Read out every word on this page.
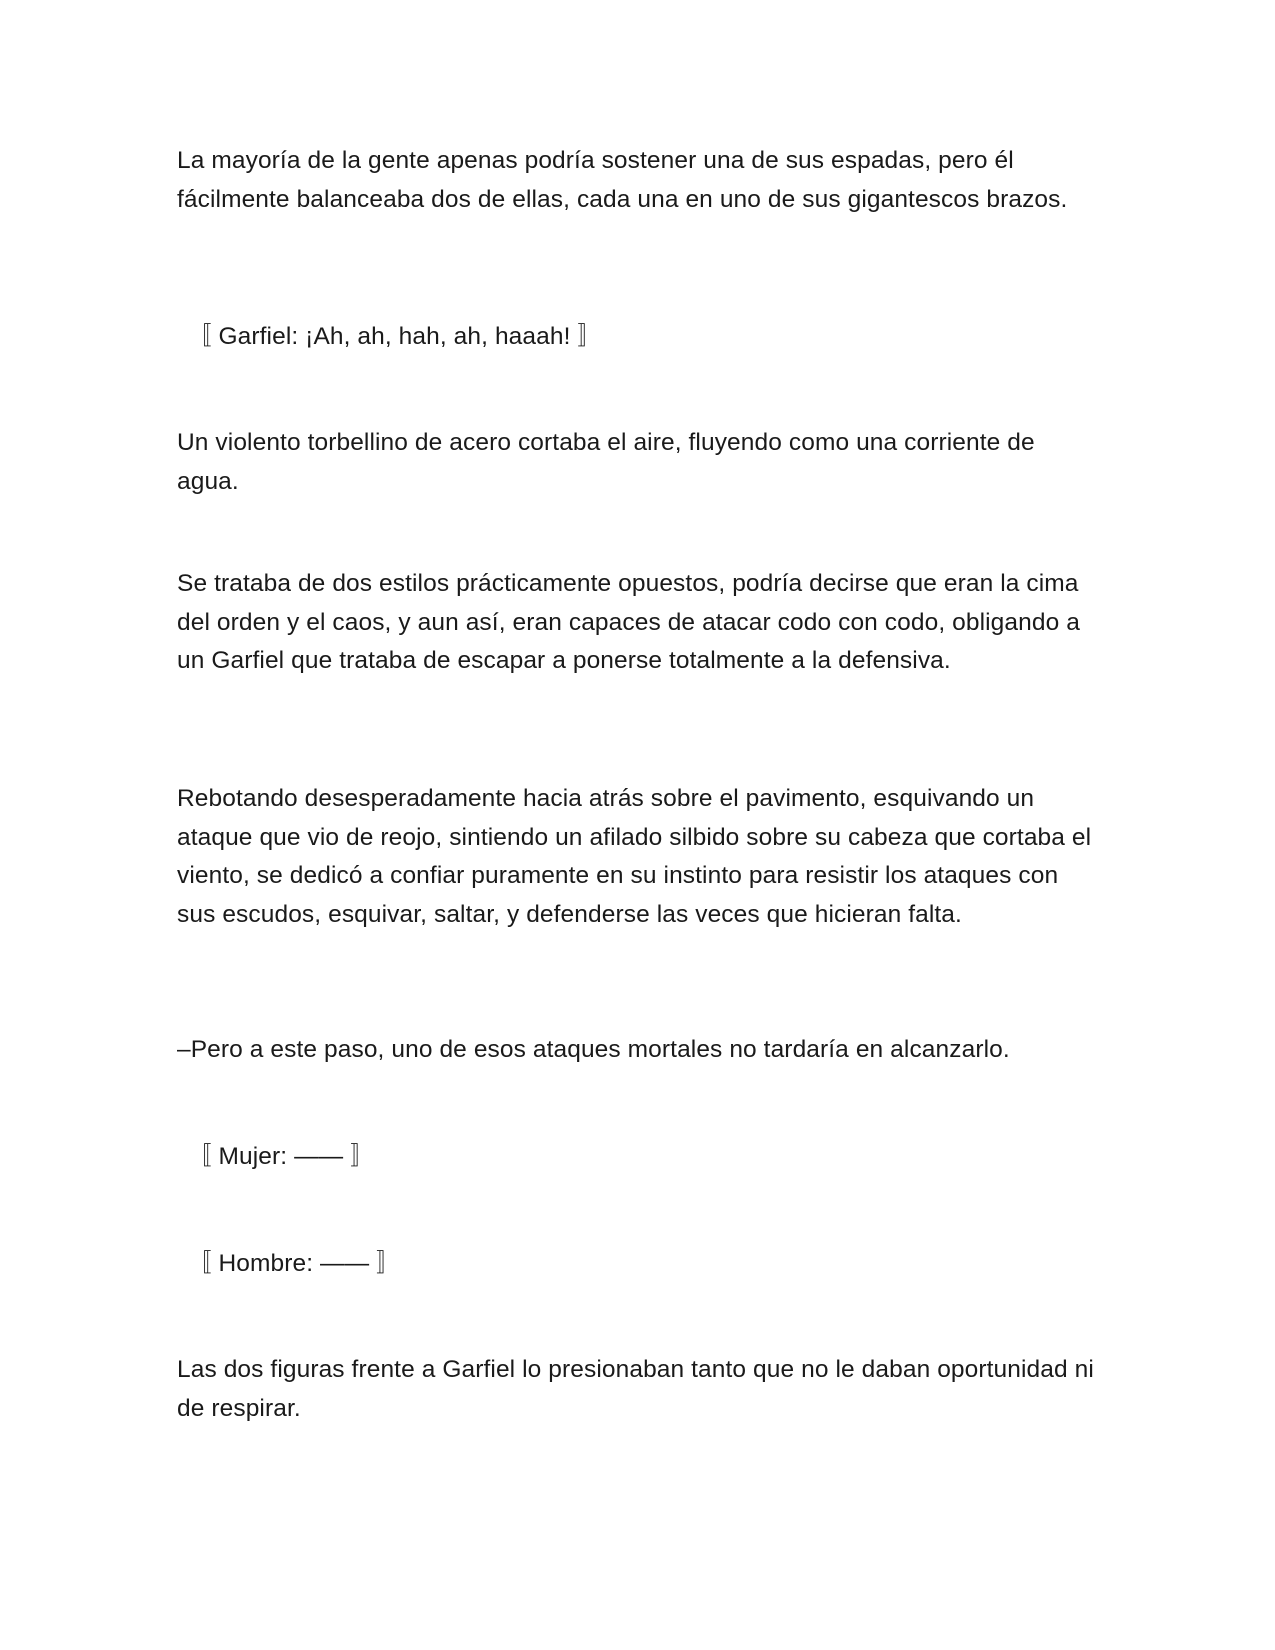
La mayoría de la gente apenas podría sostener una de sus espadas, pero él fácilmente balanceaba dos de ellas, cada una en uno de sus gigantescos brazos.

〚 Garfiel: ¡Ah, ah, hah, ah, haaah! 〛

Un violento torbellino de acero cortaba el aire, fluyendo como una corriente de agua.

Se trataba de dos estilos prácticamente opuestos, podría decirse que eran la cima del orden y el caos, y aun así, eran capaces de atacar codo con codo, obligando a un Garfiel que trataba de escapar a ponerse totalmente a la defensiva.

Rebotando desesperadamente hacia atrás sobre el pavimento, esquivando un ataque que vio de reojo, sintiendo un afilado silbido sobre su cabeza que cortaba el viento, se dedicó a confiar puramente en su instinto para resistir los ataques con sus escudos, esquivar, saltar, y defenderse las veces que hicieran falta.

–Pero a este paso, uno de esos ataques mortales no tardaría en alcanzarlo.

〚 Mujer: —— 〛

〚 Hombre: —— 〛

Las dos figuras frente a Garfiel lo presionaban tanto que no le daban oportunidad ni de respirar.
